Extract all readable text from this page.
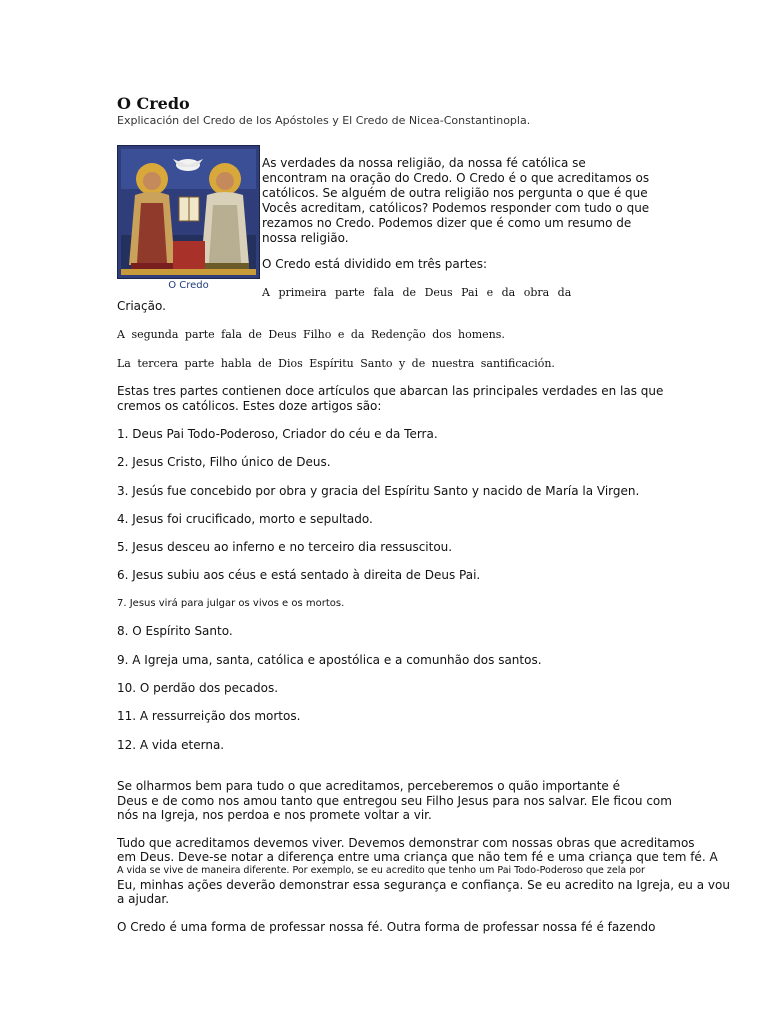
O Credo
Explicación del Credo de los Apóstoles y El Credo de Nicea-Constantinopla.
O Credo

As verdades da nossa religião, da nossa fé católica se

encontram na oração do Credo. O Credo é o que acreditamos os

católicos. Se alguém de outra religião nos pergunta o que é que

Vocês acreditam, católicos? Podemos responder com tudo o que

rezamos no Credo. Podemos dizer que é como um resumo de

nossa religião.

O Credo está dividido em três partes:
A primeira parte fala de Deus Pai e da obra da
Criação.
A segunda parte fala de Deus Filho e da Redenção dos homens.
La tercera parte habla de Dios Espíritu Santo y de nuestra santificación.
Estas tres partes contienen doce artículos que abarcan las principales verdades en las que
cremos os católicos. Estes doze artigos são:
1. Deus Pai Todo-Poderoso, Criador do céu e da Terra.
2. Jesus Cristo, Filho único de Deus.
3. Jesús fue concebido por obra y gracia del Espíritu Santo y nacido de María la Virgen.
4. Jesus foi crucificado, morto e sepultado.
5. Jesus desceu ao inferno e no terceiro dia ressuscitou.
6. Jesus subiu aos céus e está sentado à direita de Deus Pai.
7. Jesus virá para julgar os vivos e os mortos.
8. O Espírito Santo.
9. A Igreja uma, santa, católica e apostólica e a comunhão dos santos.
10. O perdão dos pecados.
11. A ressurreição dos mortos.
12. A vida eterna.
Se olharmos bem para tudo o que acreditamos, perceberemos o quão importante é
Deus e de como nos amou tanto que entregou seu Filho Jesus para nos salvar. Ele ficou com
nós na Igreja, nos perdoa e nos promete voltar a vir.
Tudo que acreditamos devemos viver. Devemos demonstrar com nossas obras que acreditamos
em Deus. Deve-se notar a diferença entre uma criança que não tem fé e uma criança que tem fé. A
A vida se vive de maneira diferente. Por exemplo, se eu acredito que tenho um Pai Todo-Poderoso que zela por
Eu, minhas ações deverão demonstrar essa segurança e confiança. Se eu acredito na Igreja, eu a vou
a ajudar.
O Credo é uma forma de professar nossa fé. Outra forma de professar nossa fé é fazendo
